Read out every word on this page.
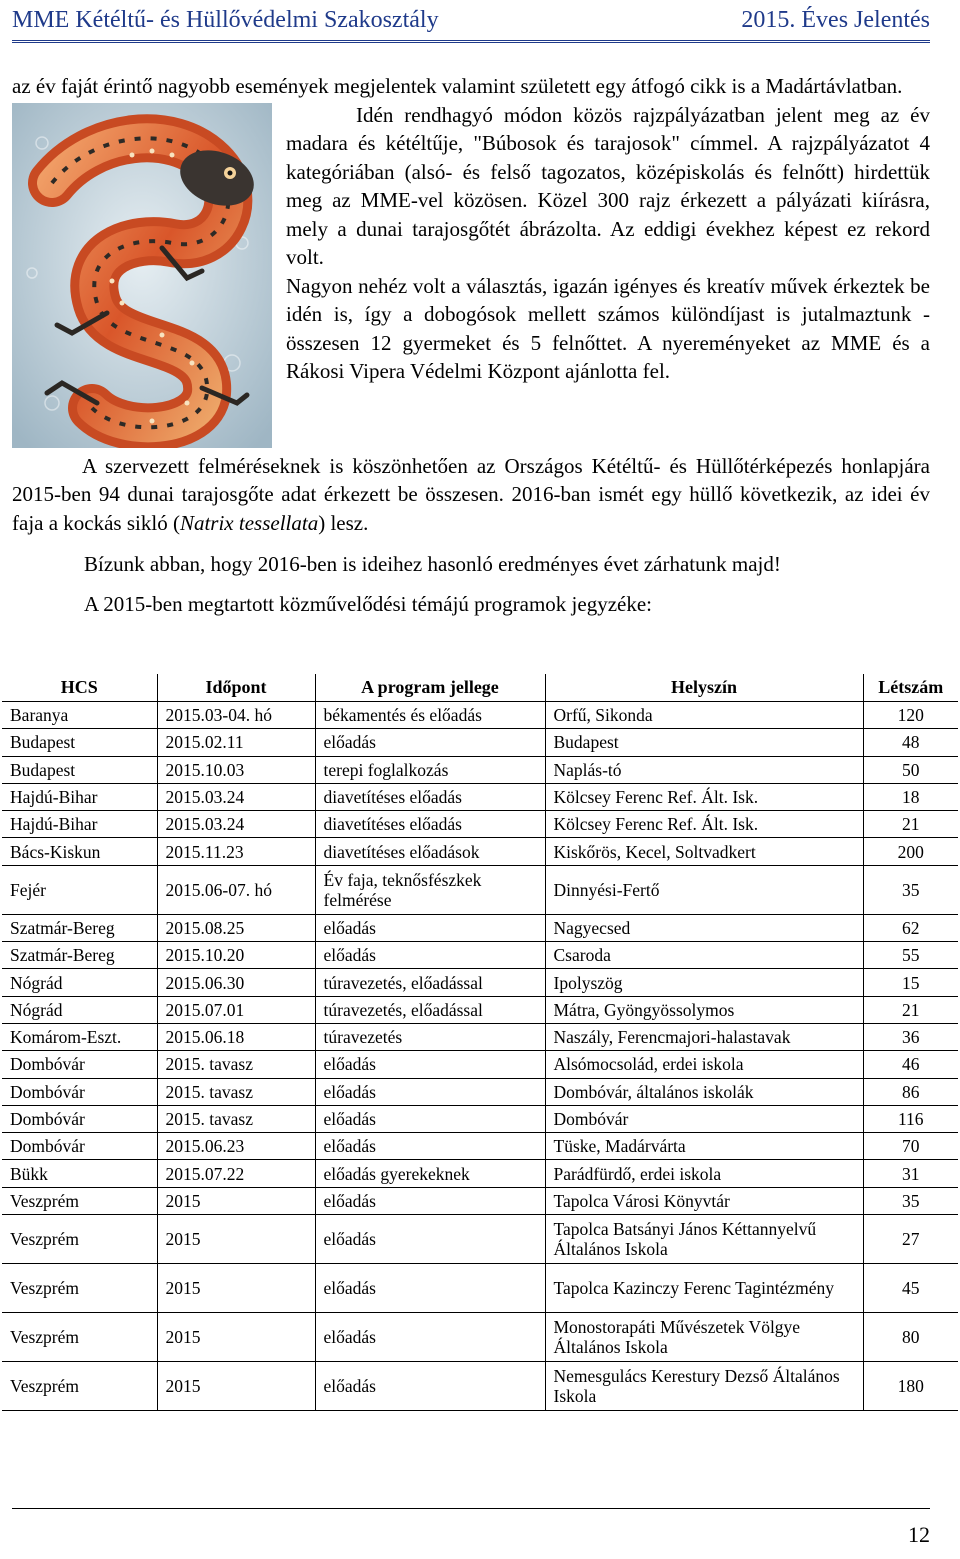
MME Kétéltű- és Hüllővédelmi Szakosztály	2015. Éves Jelentés

az év faját érintő nagyobb események megjelentek valamint született egy átfogó cikk is a Madártávlatban.

Idén rendhagyó módon közös rajzpályázatban jelent meg az év madara és kétéltűje, "Búbosok és tarajosok" címmel. A rajzpályázatot 4 kategóriában (alsó- és felső tagozatos, középiskolás és felnőtt) hirdettük meg az MME-vel közösen. Közel 300 rajz érkezett a pályázati kiírásra, mely a dunai tarajosgőtét ábrázolta. Az eddigi évekhez képest ez rekord volt.

Nagyon nehéz volt a választás, igazán igényes és kreatív művek érkeztek be idén is, így a dobogósok mellett számos különdíjast is jutalmaztunk - összesen 12 gyermeket és 5 felnőttet. A nyereményeket az MME és a Rákosi Vipera Védelmi Központ ajánlotta fel.

A szervezett felméréseknek is köszönhetően az Országos Kétéltű- és Hüllőtérképezés honlapjára 2015-ben 94 dunai tarajosgőte adat érkezett be összesen. 2016-ban ismét egy hüllő következik, az idei év faja a kockás sikló (Natrix tessellata) lesz.

Bízunk abban, hogy 2016-ben is ideihez hasonló eredményes évet zárhatunk majd!

A 2015-ben megtartott közművelődési témájú programok jegyzéke:

HCS	Időpont	A program jellege	Helyszín	Létszám
Baranya	2015.03-04. hó	békamentés és előadás	Orfű, Sikonda	120
Budapest	2015.02.11	előadás	Budapest	48
Budapest	2015.10.03	terepi foglalkozás	Naplás-tó	50
Hajdú-Bihar	2015.03.24	diavetítéses előadás	Kölcsey Ferenc Ref. Ált. Isk.	18
Hajdú-Bihar	2015.03.24	diavetítéses előadás	Kölcsey Ferenc Ref. Ált. Isk.	21
Bács-Kiskun	2015.11.23	diavetítéses előadások	Kiskőrös, Kecel, Soltvadkert	200
Fejér	2015.06-07. hó	Év faja, teknősfészkek felmérése	Dinnyési-Fertő	35
Szatmár-Bereg	2015.08.25	előadás	Nagyecsed	62
Szatmár-Bereg	2015.10.20	előadás	Csaroda	55
Nógrád	2015.06.30	túravezetés, előadással	Ipolyszög	15
Nógrád	2015.07.01	túravezetés, előadással	Mátra, Gyöngyössolymos	21
Komárom-Eszt.	2015.06.18	túravezetés	Naszály, Ferencmajori-halastavak	36
Dombóvár	2015. tavasz	előadás	Alsómocsolád, erdei iskola	46
Dombóvár	2015. tavasz	előadás	Dombóvár, általános iskolák	86
Dombóvár	2015. tavasz	előadás	Dombóvár	116
Dombóvár	2015.06.23	előadás	Tüske, Madárvárta	70
Bükk	2015.07.22	előadás gyerekeknek	Parádfürdő, erdei iskola	31
Veszprém	2015	előadás	Tapolca Városi Könyvtár	35
Veszprém	2015	előadás	Tapolca Batsányi János Kéttannyelvű Általános Iskola	27
Veszprém	2015	előadás	Tapolca Kazinczy Ferenc Tagintézmény	45
Veszprém	2015	előadás	Monostorapáti Művészetek Völgye Általános Iskola	80
Veszprém	2015	előadás	Nemesgulács Kerestury Dezső Általános Iskola	180
12
